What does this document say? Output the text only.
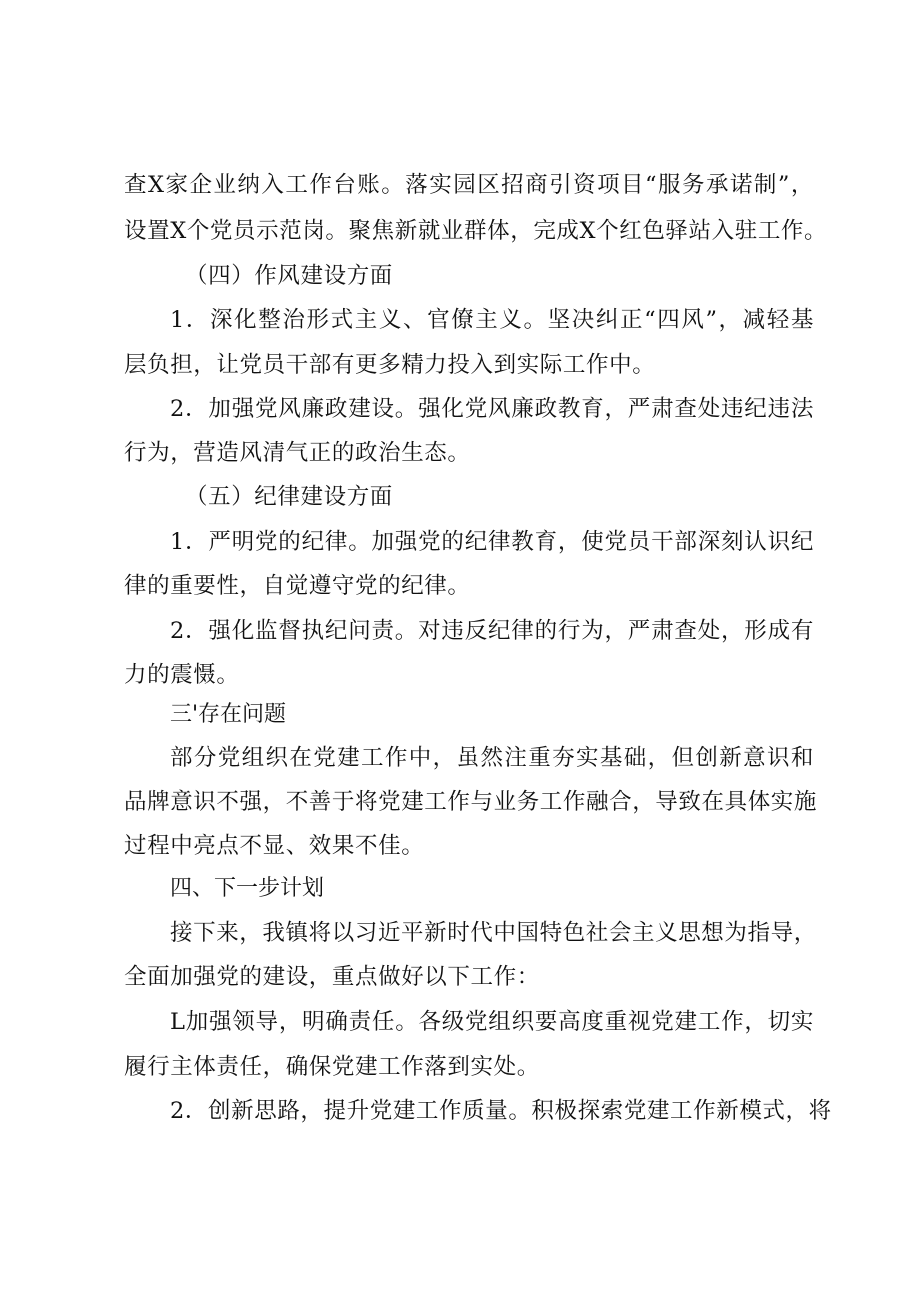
查X家企业纳入工作台账。落实园区招商引资项目“服务承诺制”，
设置X个党员示范岗。聚焦新就业群体，完成X个红色驿站入驻工作。
（四）作风建设方面
1．深化整治形式主义、官僚主义。坚决纠正“四风”，减轻基
层负担，让党员干部有更多精力投入到实际工作中。
2．加强党风廉政建设。强化党风廉政教育，严肃查处违纪违法
行为，营造风清气正的政治生态。
（五）纪律建设方面
1．严明党的纪律。加强党的纪律教育，使党员干部深刻认识纪
律的重要性，自觉遵守党的纪律。
2．强化监督执纪问责。对违反纪律的行为，严肃查处，形成有
力的震慑。
三'存在问题
部分党组织在党建工作中，虽然注重夯实基础，但创新意识和
品牌意识不强，不善于将党建工作与业务工作融合，导致在具体实施
过程中亮点不显、效果不佳。
四、下一步计划
接下来，我镇将以习近平新时代中国特色社会主义思想为指导，
全面加强党的建设，重点做好以下工作：
L加强领导，明确责任。各级党组织要高度重视党建工作，切实
履行主体责任，确保党建工作落到实处。
2．创新思路，提升党建工作质量。积极探索党建工作新模式，将
